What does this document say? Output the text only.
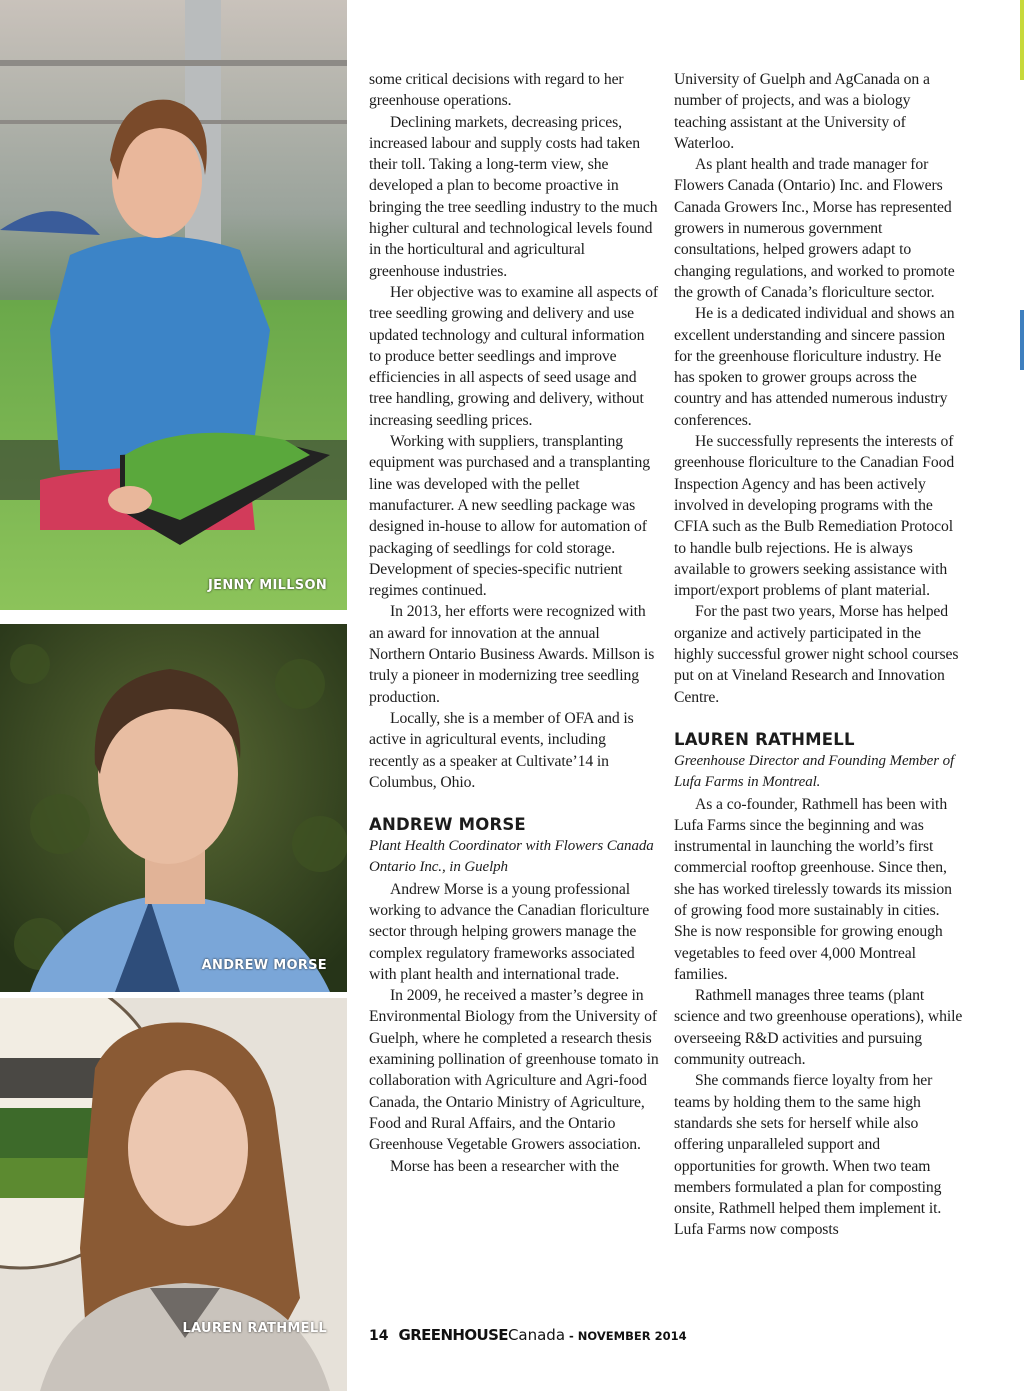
JENNY MILLSON
ANDREW MORSE
LAUREN RATHMELL

some critical decisions with regard to her greenhouse operations.

Declining markets, decreasing prices, increased labour and supply costs had taken their toll. Taking a long-term view, she developed a plan to become proactive in bringing the tree seedling industry to the much higher cultural and technological levels found in the horticultural and agricultural greenhouse industries.

Her objective was to examine all aspects of tree seedling growing and delivery and use updated technology and cultural information to produce better seedlings and improve efficiencies in all aspects of seed usage and tree handling, growing and delivery, without increasing seedling prices.

Working with suppliers, transplanting equipment was purchased and a transplanting line was developed with the pellet manufacturer. A new seedling package was designed in-house to allow for automation of packaging of seedlings for cold storage. Development of species-specific nutrient regimes continued.

In 2013, her efforts were recognized with an award for innovation at the annual Northern Ontario Business Awards. Millson is truly a pioneer in modernizing tree seedling production.

Locally, she is a member of OFA and is active in agricultural events, including recently as a speaker at Cultivate’14 in Columbus, Ohio.

ANDREW MORSE

Plant Health Coordinator with Flowers Canada Ontario Inc., in Guelph

Andrew Morse is a young professional working to advance the Canadian floriculture sector through helping growers manage the complex regulatory frameworks associated with plant health and international trade.

In 2009, he received a master’s degree in Environmental Biology from the University of Guelph, where he completed a research thesis examining pollination of greenhouse tomato in collaboration with Agriculture and Agri-food Canada, the Ontario Ministry of Agriculture, Food and Rural Affairs, and the Ontario Greenhouse Vegetable Growers association.

Morse has been a researcher with the

University of Guelph and AgCanada on a number of projects, and was a biology teaching assistant at the University of Waterloo.

As plant health and trade manager for Flowers Canada (Ontario) Inc. and Flowers Canada Growers Inc., Morse has represented growers in numerous government consultations, helped growers adapt to changing regulations, and worked to promote the growth of Canada’s floriculture sector.

He is a dedicated individual and shows an excellent understanding and sincere passion for the greenhouse floriculture industry. He has spoken to grower groups across the country and has attended numerous industry conferences.

He successfully represents the interests of greenhouse floriculture to the Canadian Food Inspection Agency and has been actively involved in developing programs with the CFIA such as the Bulb Remediation Protocol to handle bulb rejections. He is always available to growers seeking assistance with import/export problems of plant material.

For the past two years, Morse has helped organize and actively participated in the highly successful grower night school courses put on at Vineland Research and Innovation Centre.

LAUREN RATHMELL

Greenhouse Director and Founding Member of Lufa Farms in Montreal.

As a co-founder, Rathmell has been with Lufa Farms since the beginning and was instrumental in launching the world’s first commercial rooftop greenhouse. Since then, she has worked tirelessly towards its mission of growing food more sustainably in cities. She is now responsible for growing enough vegetables to feed over 4,000 Montreal families.

Rathmell manages three teams (plant science and two greenhouse operations), while overseeing R&D activities and pursuing community outreach.

She commands fierce loyalty from her teams by holding them to the same high standards she sets for herself while also offering unparalleled support and opportunities for growth. When two team members formulated a plan for composting onsite, Rathmell helped them implement it. Lufa Farms now composts

14 GREENHOUSE Canada - NOVEMBER 2014
